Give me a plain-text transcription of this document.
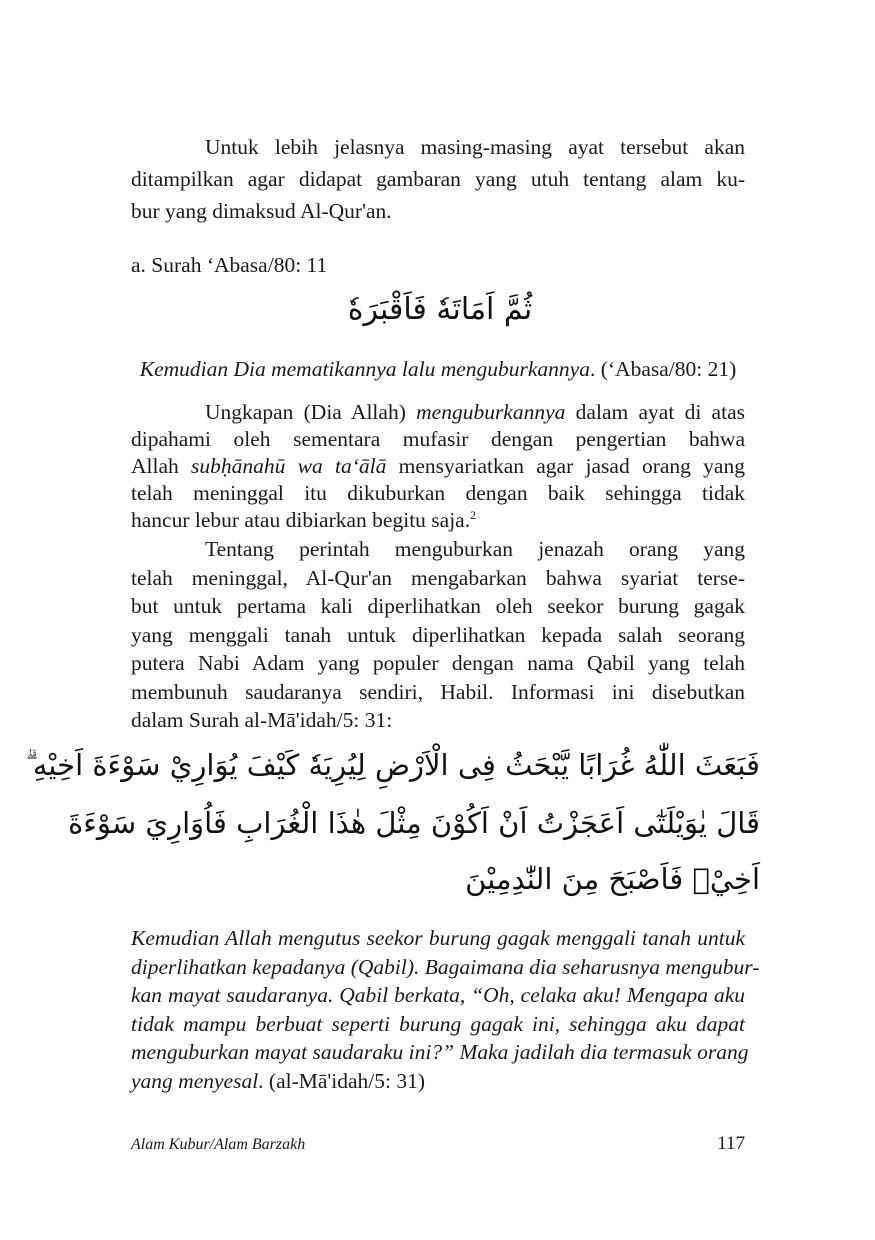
Untuk lebih jelasnya masing-masing ayat tersebut akan
ditampilkan agar didapat gambaran yang utuh tentang alam ku-
bur yang dimaksud Al-Qur'an.
a. Surah ‘Abasa/80: 11
Kemudian Dia mematikannya lalu menguburkannya. (‘Abasa/80: 21)
Ungkapan (Dia Allah) menguburkannya dalam ayat di atas
dipahami oleh sementara mufasir dengan pengertian bahwa
Allah subḥānahū wa ta‘ālā mensyariatkan agar jasad orang yang
telah meninggal itu dikuburkan dengan baik sehingga tidak
hancur lebur atau dibiarkan begitu saja.$^2$
Tentang perintah menguburkan jenazah orang yang
telah meninggal, Al-Qur'an mengabarkan bahwa syariat terse-
but untuk pertama kali diperlihatkan oleh seekor burung gagak
yang menggali tanah untuk diperlihatkan kepada salah seorang
putera Nabi Adam yang populer dengan nama Qabil yang telah
membunuh saudaranya sendiri, Habil. Informasi ini disebutkan
dalam Surah al-Mā'idah/5: 31:
Kemudian Allah mengutus seekor burung gagak menggali tanah untuk
diperlihatkan kepadanya (Qabil). Bagaimana dia seharusnya mengubur-
kan mayat saudaranya. Qabil berkata, “Oh, celaka aku! Mengapa aku
tidak mampu berbuat seperti burung gagak ini, sehingga aku dapat
menguburkan mayat saudaraku ini?” Maka jadilah dia termasuk orang
yang menyesal. (al-Mā'idah/5: 31)
ثُمَّ اَمَاتَهٗ فَاَقْبَرَهٗ
فَبَعَثَ اللّٰهُ غُرَابًا يَّبْحَثُ فِى الْاَرْضِ لِيُرِيَهٗ كَيْفَ يُوَارِيْ سَوْءَةَ اَخِيْهِ ۗ
قَالَ يٰوَيْلَتٰٓى اَعَجَزْتُ اَنْ اَكُوْنَ مِثْلَ هٰذَا الْغُرَابِ فَاُوَارِيَ سَوْءَةَ
اَخِيْۚ فَاَصْبَحَ مِنَ النّٰدِمِيْنَ
Alam Kubur/Alam Barzakh	117
